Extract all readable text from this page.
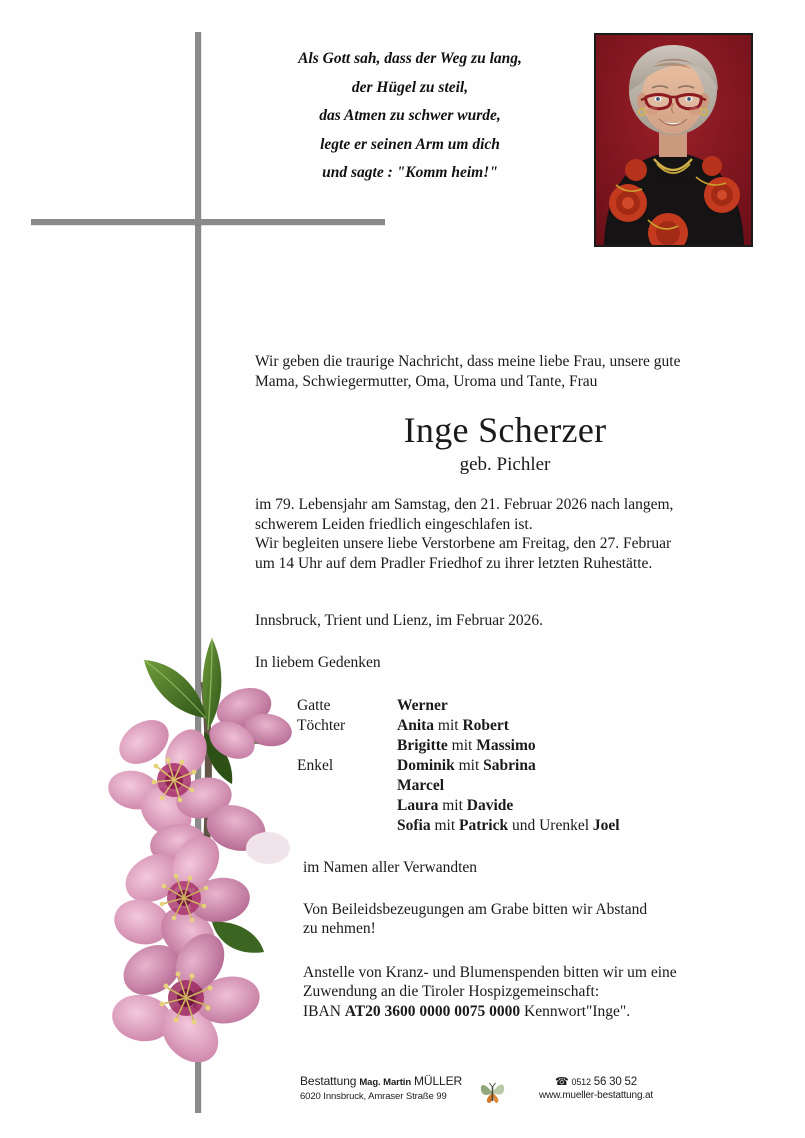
Als Gott sah, dass der Weg zu lang,
der Hügel zu steil,
das Atmen zu schwer wurde,
legte er seinen Arm um dich
und sagte : "Komm heim!"
Wir geben die traurige Nachricht, dass meine liebe Frau, unsere gute
Mama, Schwiegermutter, Oma, Uroma und Tante, Frau
Inge Scherzer
geb. Pichler
im 79. Lebensjahr am Samstag, den 21. Februar 2026 nach langem,
schwerem Leiden friedlich eingeschlafen ist.
Wir begleiten unsere liebe Verstorbene am Freitag, den 27. Februar
um 14 Uhr auf dem Pradler Friedhof zu ihrer letzten Ruhestätte.
Innsbruck, Trient und Lienz, im Februar 2026.
In liebem Gedenken
Gatte	Werner
Töchter	Anita mit Robert
	Brigitte mit Massimo
Enkel	Dominik mit Sabrina
	Marcel
	Laura mit Davide
	Sofia mit Patrick und Urenkel Joel
im Namen aller Verwandten
Von Beileidsbezeugungen am Grabe bitten wir Abstand
zu nehmen!
Anstelle von Kranz- und Blumenspenden bitten wir um eine
Zuwendung an die Tiroler Hospizgemeinschaft:
IBAN AT20 3600 0000 0075 0000 Kennwort"Inge".
Bestattung Mag. Martin MÜLLER
6020 Innsbruck, Amraser Straße 99
☎ 0512 56 30 52
www.mueller-bestattung.at
